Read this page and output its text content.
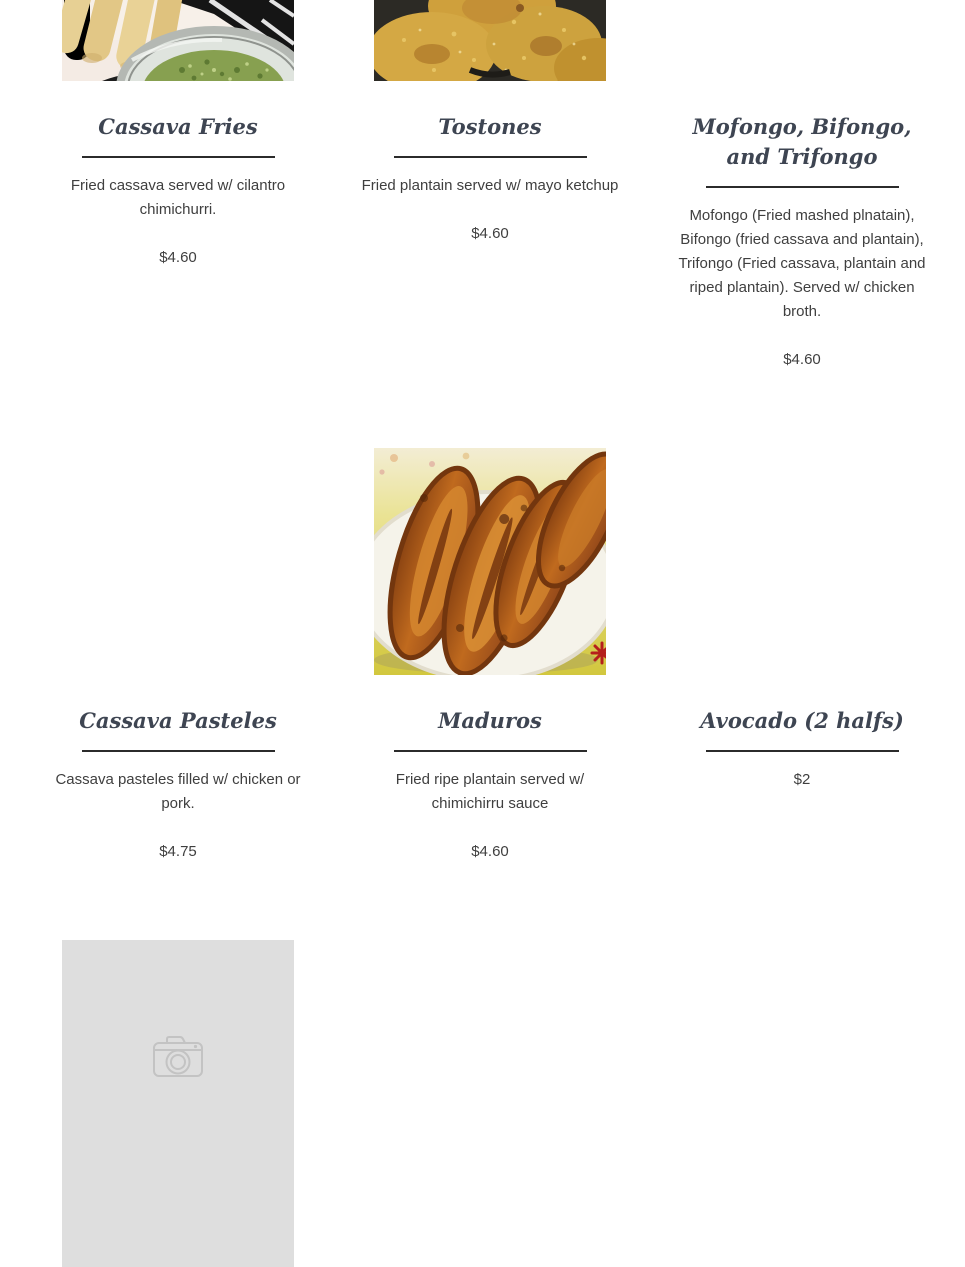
Cassava Fries

Fried cassava served w/ cilantro chimichurri.

$4.60

Tostones

Fried plantain served w/ mayo ketchup

$4.60

Mofongo, Bifongo, and Trifongo

Mofongo (Fried mashed plnatain), Bifongo (fried cassava and plantain), Trifongo (Fried cassava, plantain and riped plantain). Served w/ chicken broth.

$4.60

Cassava Pasteles

Cassava pasteles filled w/ chicken or pork.

$4.75

Maduros

Fried ripe plantain served w/ chimichirru sauce

$4.60

Avocado (2 halfs)

$2
